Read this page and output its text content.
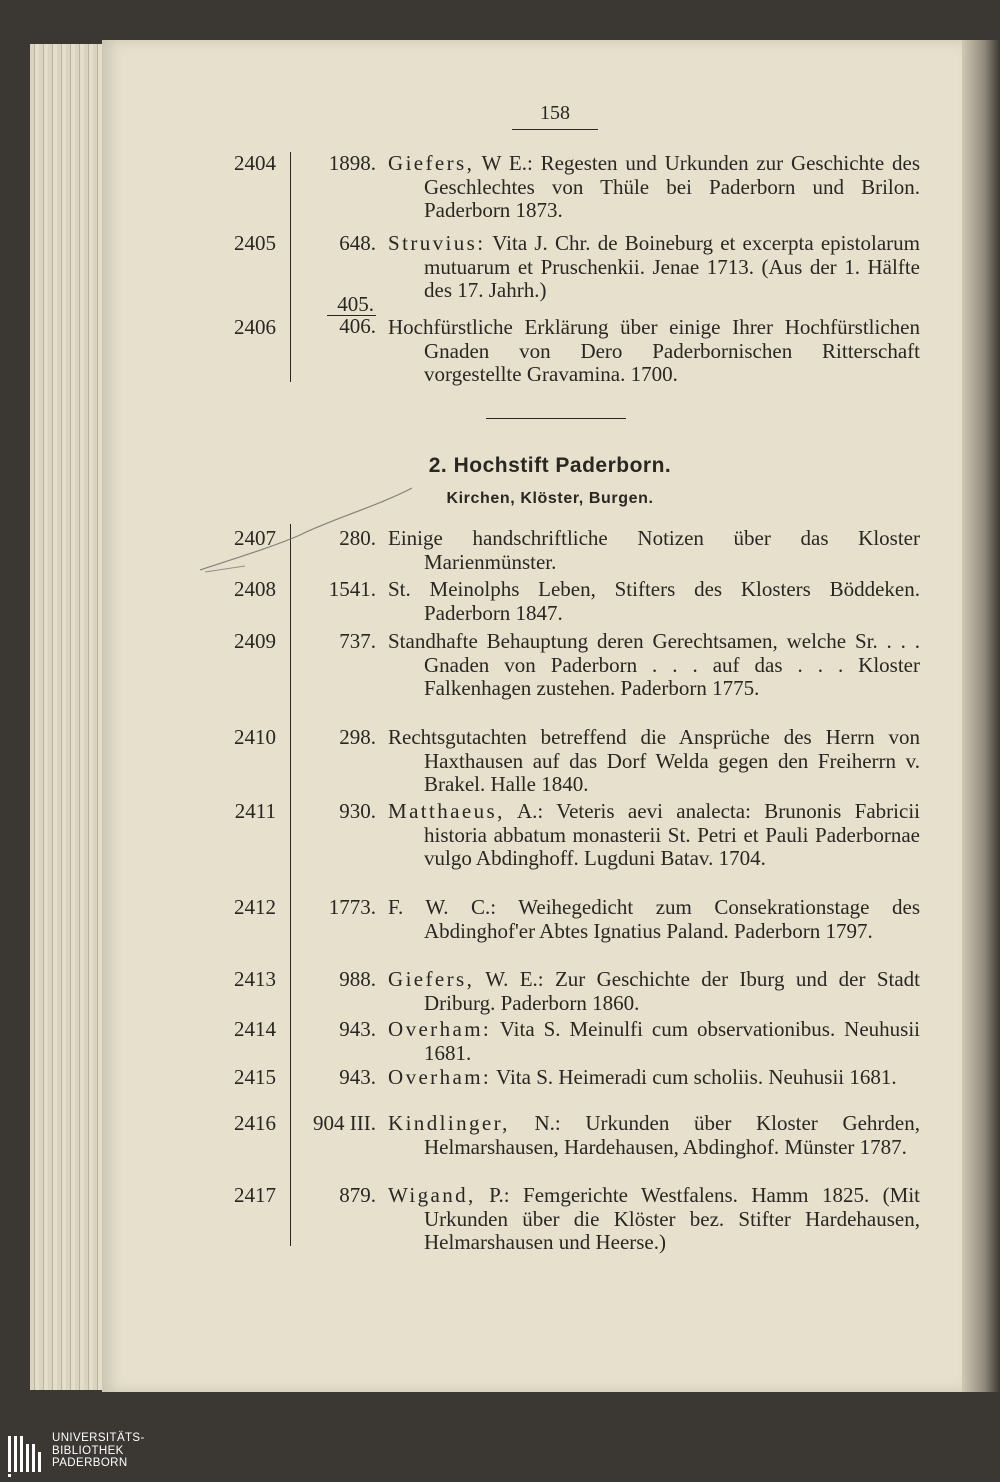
158
2404	1898. Giefers, W E.: Regesten und Urkunden zur Geschichte des Geschlechtes von Thüle bei Paderborn und Brilon. Paderborn 1873.
2405	648. Struvius: Vita J. Chr. de Boineburg et excerpta epistolarum mutuarum et Pruschenkii. Jenae 1713. (Aus der 1. Hälfte des 17. Jahrh.)
$2406 \frac{405.}{406.}$ Hochfürstliche Erklärung über einige Ihrer Hochfürstlichen Gnaden von Dero Paderbornischen Ritterschaft vorgestellte Gravamina. 1700.
2. Hochstift Paderborn.
Kirchen, Klöster, Burgen.
2407	280. Einige handschriftliche Notizen über das Kloster Marienmünster.
2408	1541. St. Meinolphs Leben, Stifters des Klosters Böddeken. Paderborn 1847.
2409	737. Standhafte Behauptung deren Gerechtsamen, welche Sr. . . . Gnaden von Paderborn . . . auf das . . . Kloster Falkenhagen zustehen. Paderborn 1775.
2410	298. Rechtsgutachten betreffend die Ansprüche des Herrn von Haxthausen auf das Dorf Welda gegen den Freiherrn v. Brakel. Halle 1840.
2411	930. Matthaeus, A.: Veteris aevi analecta: Brunonis Fabricii historia abbatum monasterii St. Petri et Pauli Paderbornae vulgo Abdinghoff. Lugduni Batav. 1704.
2412	1773. F. W. C.: Weihegedicht zum Consekrationstage des Abdinghof'er Abtes Ignatius Paland. Paderborn 1797.
2413	988. Giefers, W. E.: Zur Geschichte der Iburg und der Stadt Driburg. Paderborn 1860.
2414	943. Overham: Vita S. Meinulfi cum observationibus. Neuhusii 1681.
2415	943. Overham: Vita S. Heimeradi cum scholiis. Neuhusii 1681.
2416	904 III. Kindlinger, N.: Urkunden über Kloster Gehrden, Helmarshausen, Hardehausen, Abdinghof. Münster 1787.
2417	879. Wigand, P.: Femgerichte Westfalens. Hamm 1825. (Mit Urkunden über die Klöster bez. Stifter Hardehausen, Helmarshausen und Heerse.)
UNIVERSITÄTS-
BIBLIOTHEK
PADERBORN
